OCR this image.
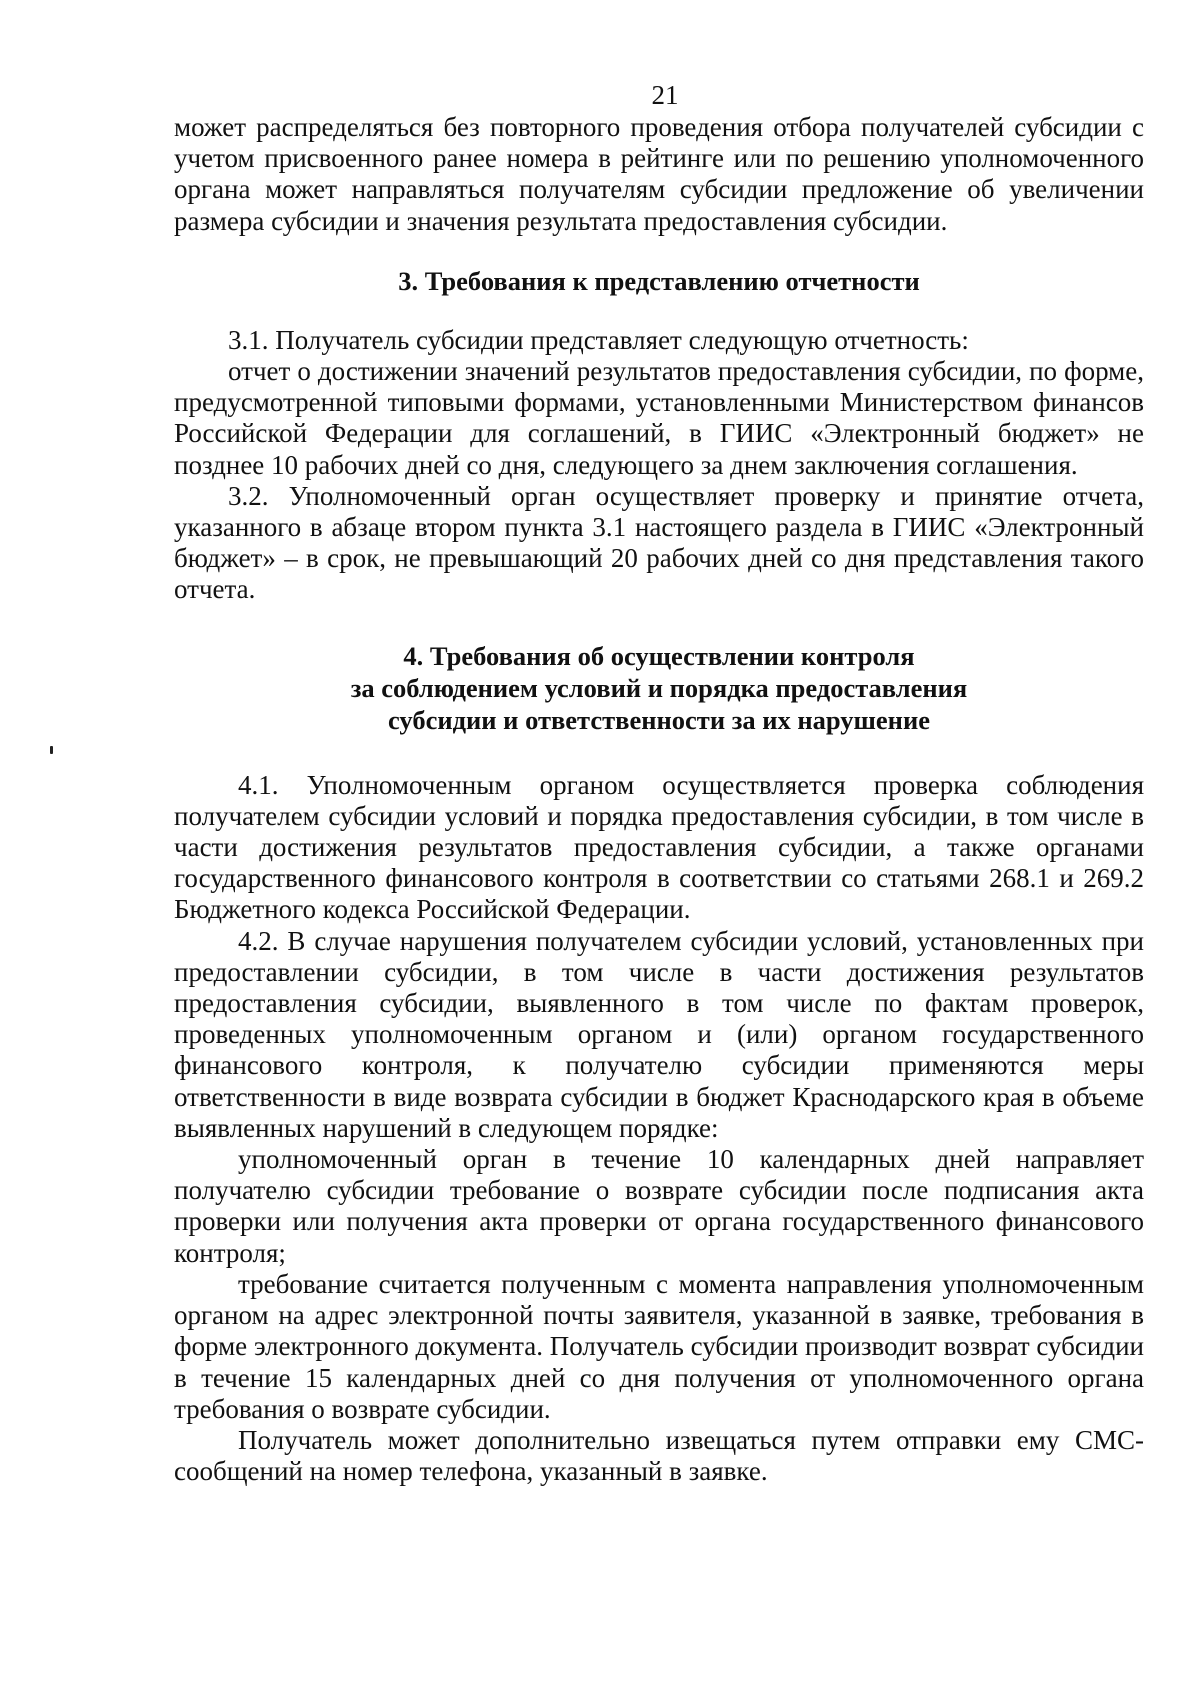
21

может распределяться без повторного проведения отбора получателей субсидии с учетом присвоенного ранее номера в рейтинге или по решению уполномоченного органа может направляться получателям субсидии предложение об увеличении размера субсидии и значения результата предоставления субсидии.

3. Требования к представлению отчетности

3.1. Получатель субсидии представляет следующую отчетность:

отчет о достижении значений результатов предоставления субсидии, по форме, предусмотренной типовыми формами, установленными Министерством финансов Российской Федерации для соглашений, в ГИИС «Электронный бюджет» не позднее 10 рабочих дней со дня, следующего за днем заключения соглашения.

3.2. Уполномоченный орган осуществляет проверку и принятие отчета, указанного в абзаце втором пункта 3.1 настоящего раздела в ГИИС «Электронный бюджет» – в срок, не превышающий 20 рабочих дней со дня представления такого отчета.

4. Требования об осуществлении контроля
за соблюдением условий и порядка предоставления
субсидии и ответственности за их нарушение

4.1. Уполномоченным органом осуществляется проверка соблюдения получателем субсидии условий и порядка предоставления субсидии, в том числе в части достижения результатов предоставления субсидии, а также органами государственного финансового контроля в соответствии со статьями 268.1 и 269.2 Бюджетного кодекса Российской Федерации.

4.2. В случае нарушения получателем субсидии условий, установленных при предоставлении субсидии, в том числе в части достижения результатов предоставления субсидии, выявленного в том числе по фактам проверок, проведенных уполномоченным органом и (или) органом государственного финансового контроля, к получателю субсидии применяются меры ответственности в виде возврата субсидии в бюджет Краснодарского края в объеме выявленных нарушений в следующем порядке:

уполномоченный орган в течение 10 календарных дней направляет получателю субсидии требование о возврате субсидии после подписания акта проверки или получения акта проверки от органа государственного финансового контроля;

требование считается полученным с момента направления уполномоченным органом на адрес электронной почты заявителя, указанной в заявке, требования в форме электронного документа. Получатель субсидии производит возврат субсидии в течение 15 календарных дней со дня получения от уполномоченного органа требования о возврате субсидии.

Получатель может дополнительно извещаться путем отправки ему СМС-сообщений на номер телефона, указанный в заявке.
